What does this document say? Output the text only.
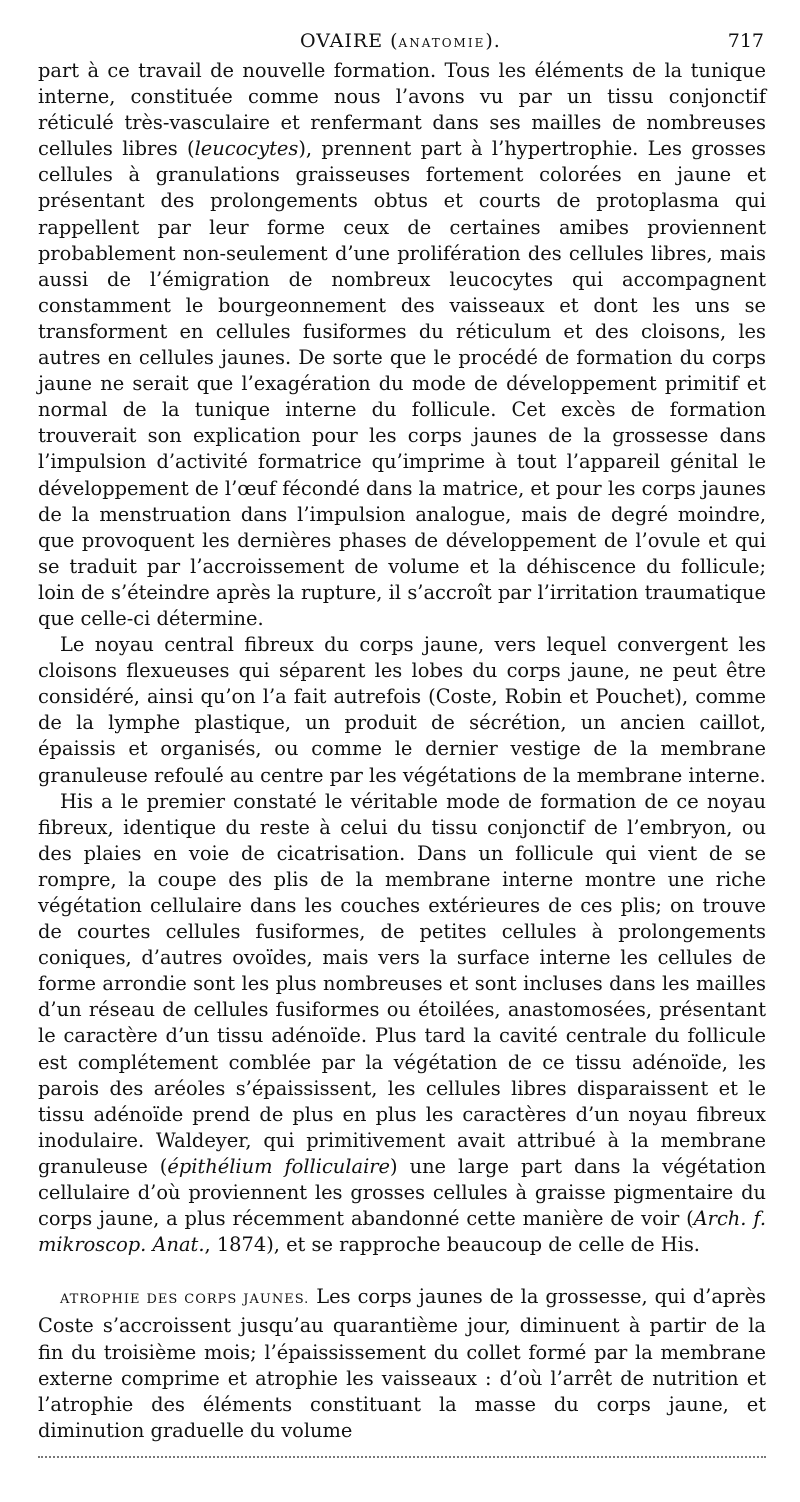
OVAIRE (ANATOMIE).	717

part à ce travail de nouvelle formation. Tous les éléments de la tunique interne, constituée comme nous l’avons vu par un tissu conjonctif réticulé très-vasculaire et renfermant dans ses mailles de nombreuses cellules libres (leucocytes), prennent part à l’hypertrophie. Les grosses cellules à granulations graisseuses fortement colorées en jaune et présentant des prolongements obtus et courts de protoplasma qui rappellent par leur forme ceux de certaines amibes proviennent probablement non-seulement d’une prolifération des cellules libres, mais aussi de l’émigration de nombreux leucocytes qui accompagnent constamment le bourgeonnement des vaisseaux et dont les uns se transforment en cellules fusiformes du réticulum et des cloisons, les autres en cellules jaunes. De sorte que le procédé de formation du corps jaune ne serait que l’exagération du mode de développement primitif et normal de la tunique interne du follicule. Cet excès de formation trouverait son explication pour les corps jaunes de la grossesse dans l’impulsion d’activité formatrice qu’imprime à tout l’appareil génital le développement de l’œuf fécondé dans la matrice, et pour les corps jaunes de la menstruation dans l’impulsion analogue, mais de degré moindre, que provoquent les dernières phases de développement de l’ovule et qui se traduit par l’accroissement de volume et la déhiscence du follicule; loin de s’éteindre après la rupture, il s’accroît par l’irritation traumatique que celle-ci détermine.

Le noyau central fibreux du corps jaune, vers lequel convergent les cloisons flexueuses qui séparent les lobes du corps jaune, ne peut être considéré, ainsi qu’on l’a fait autrefois (Coste, Robin et Pouchet), comme de la lymphe plastique, un produit de sécrétion, un ancien caillot, épaissis et organisés, ou comme le dernier vestige de la membrane granuleuse refoulé au centre par les végétations de la membrane interne.

His a le premier constaté le véritable mode de formation de ce noyau fibreux, identique du reste à celui du tissu conjonctif de l’embryon, ou des plaies en voie de cicatrisation. Dans un follicule qui vient de se rompre, la coupe des plis de la membrane interne montre une riche végétation cellulaire dans les couches extérieures de ces plis; on trouve de courtes cellules fusiformes, de petites cellules à prolongements coniques, d’autres ovoïdes, mais vers la surface interne les cellules de forme arrondie sont les plus nombreuses et sont incluses dans les mailles d’un réseau de cellules fusiformes ou étoilées, anastomosées, présentant le caractère d’un tissu adénoïde. Plus tard la cavité centrale du follicule est complétement comblée par la végétation de ce tissu adénoïde, les parois des aréoles s’épaississent, les cellules libres disparaissent et le tissu adénoïde prend de plus en plus les caractères d’un noyau fibreux inodulaire. Waldeyer, qui primitivement avait attribué à la membrane granuleuse (épithélium folliculaire) une large part dans la végétation cellulaire d’où proviennent les grosses cellules à graisse pigmentaire du corps jaune, a plus récemment abandonné cette manière de voir (Arch. f. mikroscop. Anat., 1874), et se rapproche beaucoup de celle de His.

ATROPHIE DES CORPS JAUNES. Les corps jaunes de la grossesse, qui d’après Coste s’accroissent jusqu’au quarantième jour, diminuent à partir de la fin du troisième mois; l’épaississement du collet formé par la membrane externe comprime et atrophie les vaisseaux : d’où l’arrêt de nutrition et l’atrophie des éléments constituant la masse du corps jaune, et diminution graduelle du volume
